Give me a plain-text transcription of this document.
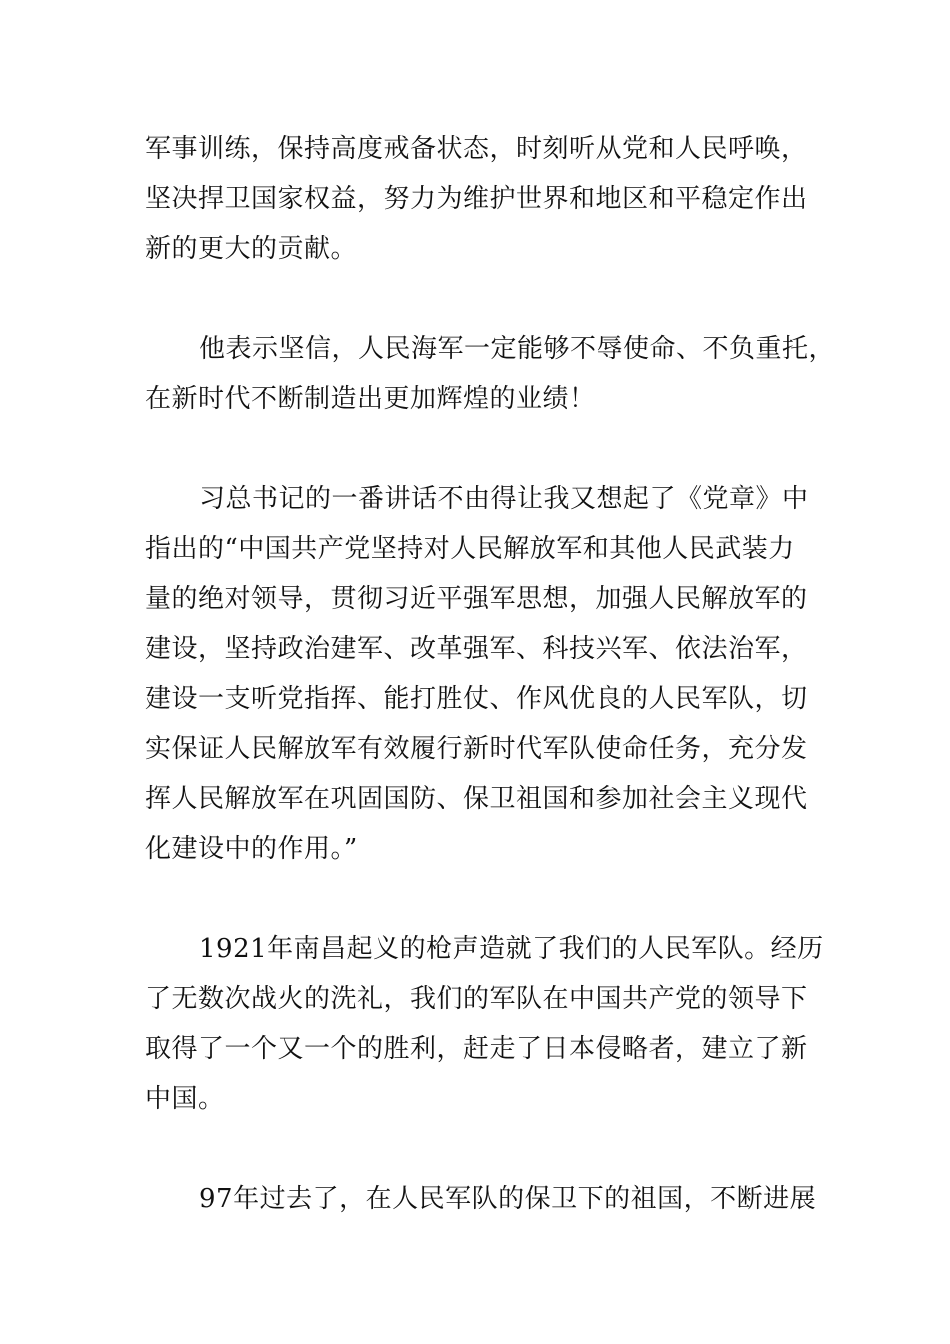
军事训练，保持高度戒备状态，时刻听从党和人民呼唤，
坚决捍卫国家权益，努力为维护世界和地区和平稳定作出
新的更大的贡献。

他表示坚信，人民海军一定能够不辱使命、不负重托，
在新时代不断制造出更加辉煌的业绩！

习总书记的一番讲话不由得让我又想起了《党章》中
指出的“中国共产党坚持对人民解放军和其他人民武装力
量的绝对领导，贯彻习近平强军思想，加强人民解放军的
建设，坚持政治建军、改革强军、科技兴军、依法治军，
建设一支听党指挥、能打胜仗、作风优良的人民军队，切
实保证人民解放军有效履行新时代军队使命任务，充分发
挥人民解放军在巩固国防、保卫祖国和参加社会主义现代
化建设中的作用。”

1921年南昌起义的枪声造就了我们的人民军队。经历
了无数次战火的洗礼，我们的军队在中国共产党的领导下
取得了一个又一个的胜利，赶走了日本侵略者，建立了新
中国。

97年过去了，在人民军队的保卫下的祖国，不断进展
